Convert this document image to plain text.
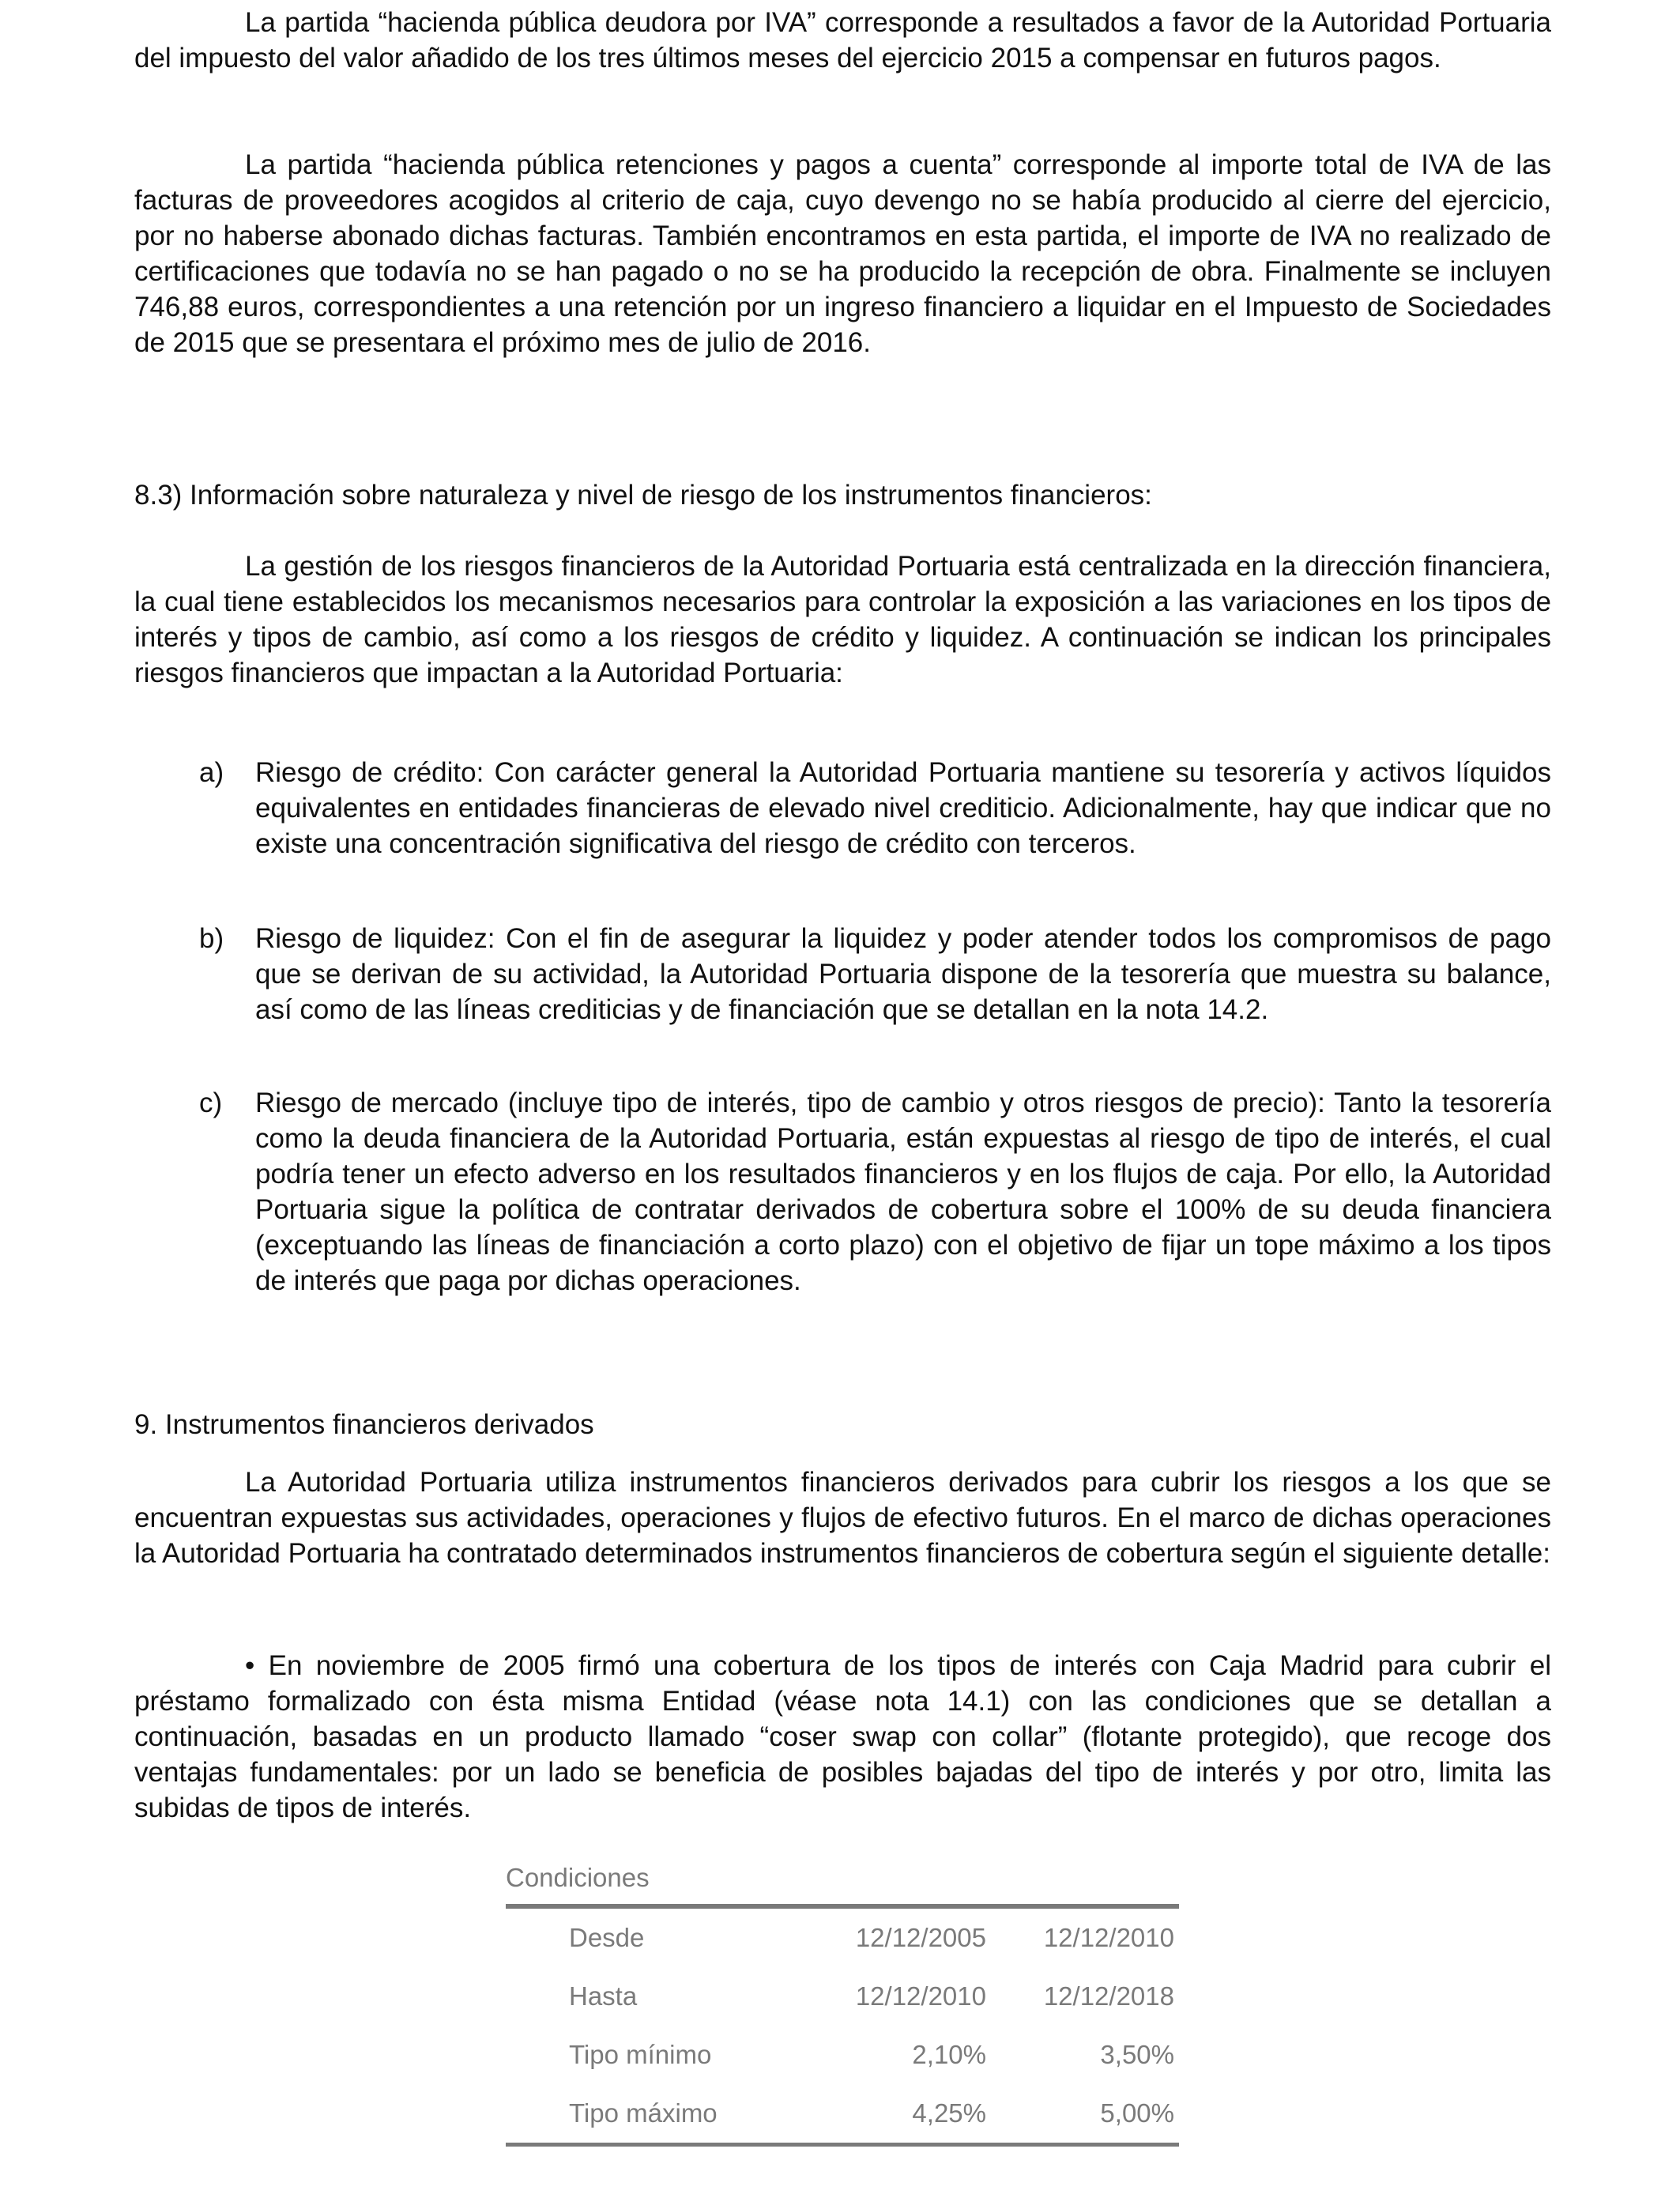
La partida “hacienda pública deudora por IVA” corresponde a resultados a favor de la Autoridad Portuaria del impuesto del valor añadido de los tres últimos meses del ejercicio 2015 a compensar en futuros pagos.

La partida “hacienda pública retenciones y pagos a cuenta” corresponde al importe total de IVA de las facturas de proveedores acogidos al criterio de caja, cuyo devengo no se había producido al cierre del ejercicio, por no haberse abonado dichas facturas. También encontramos en esta partida, el importe de IVA no realizado de certificaciones que todavía no se han pagado o no se ha producido la recepción de obra. Finalmente se incluyen 746,88 euros, correspondientes a una retención por un ingreso financiero a liquidar en el Impuesto de Sociedades de 2015 que se presentara el próximo mes de julio de 2016.

8.3) Información sobre naturaleza y nivel de riesgo de los instrumentos financieros:

La gestión de los riesgos financieros de la Autoridad Portuaria está centralizada en la dirección financiera, la cual tiene establecidos los mecanismos necesarios para controlar la exposición a las variaciones en los tipos de interés y tipos de cambio, así como a los riesgos de crédito y liquidez. A continuación se indican los principales riesgos financieros que impactan a la Autoridad Portuaria:

a) Riesgo de crédito: Con carácter general la Autoridad Portuaria mantiene su tesorería y activos líquidos equivalentes en entidades financieras de elevado nivel crediticio. Adicionalmente, hay que indicar que no existe una concentración significativa del riesgo de crédito con terceros.
b) Riesgo de liquidez: Con el fin de asegurar la liquidez y poder atender todos los compromisos de pago que se derivan de su actividad, la Autoridad Portuaria dispone de la tesorería que muestra su balance, así como de las líneas crediticias y de financiación que se detallan en la nota 14.2.
c) Riesgo de mercado (incluye tipo de interés, tipo de cambio y otros riesgos de precio): Tanto la tesorería como la deuda financiera de la Autoridad Portuaria, están expuestas al riesgo de tipo de interés, el cual podría tener un efecto adverso en los resultados financieros y en los flujos de caja. Por ello, la Autoridad Portuaria sigue la política de contratar derivados de cobertura sobre el 100% de su deuda financiera (exceptuando las líneas de financiación a corto plazo) con el objetivo de fijar un tope máximo a los tipos de interés que paga por dichas operaciones.
9. Instrumentos financieros derivados

La Autoridad Portuaria utiliza instrumentos financieros derivados para cubrir los riesgos a los que se encuentran expuestas sus actividades, operaciones y flujos de efectivo futuros. En el marco de dichas operaciones la Autoridad Portuaria ha contratado determinados instrumentos financieros de cobertura según el siguiente detalle:

• En noviembre de 2005 firmó una cobertura de los tipos de interés con Caja Madrid para cubrir el préstamo formalizado con ésta misma Entidad (véase nota 14.1) con las condiciones que se detallan a continuación, basadas en un producto llamado “coser swap con collar” (flotante protegido), que recoge dos ventajas fundamentales: por un lado se beneficia de posibles bajadas del tipo de interés y por otro, limita las subidas de tipos de interés.

Condiciones		
Desde	12/12/2005	12/12/2010
Hasta	12/12/2010	12/12/2018
Tipo mínimo	2,10%	3,50%
Tipo máximo	4,25%	5,00%
